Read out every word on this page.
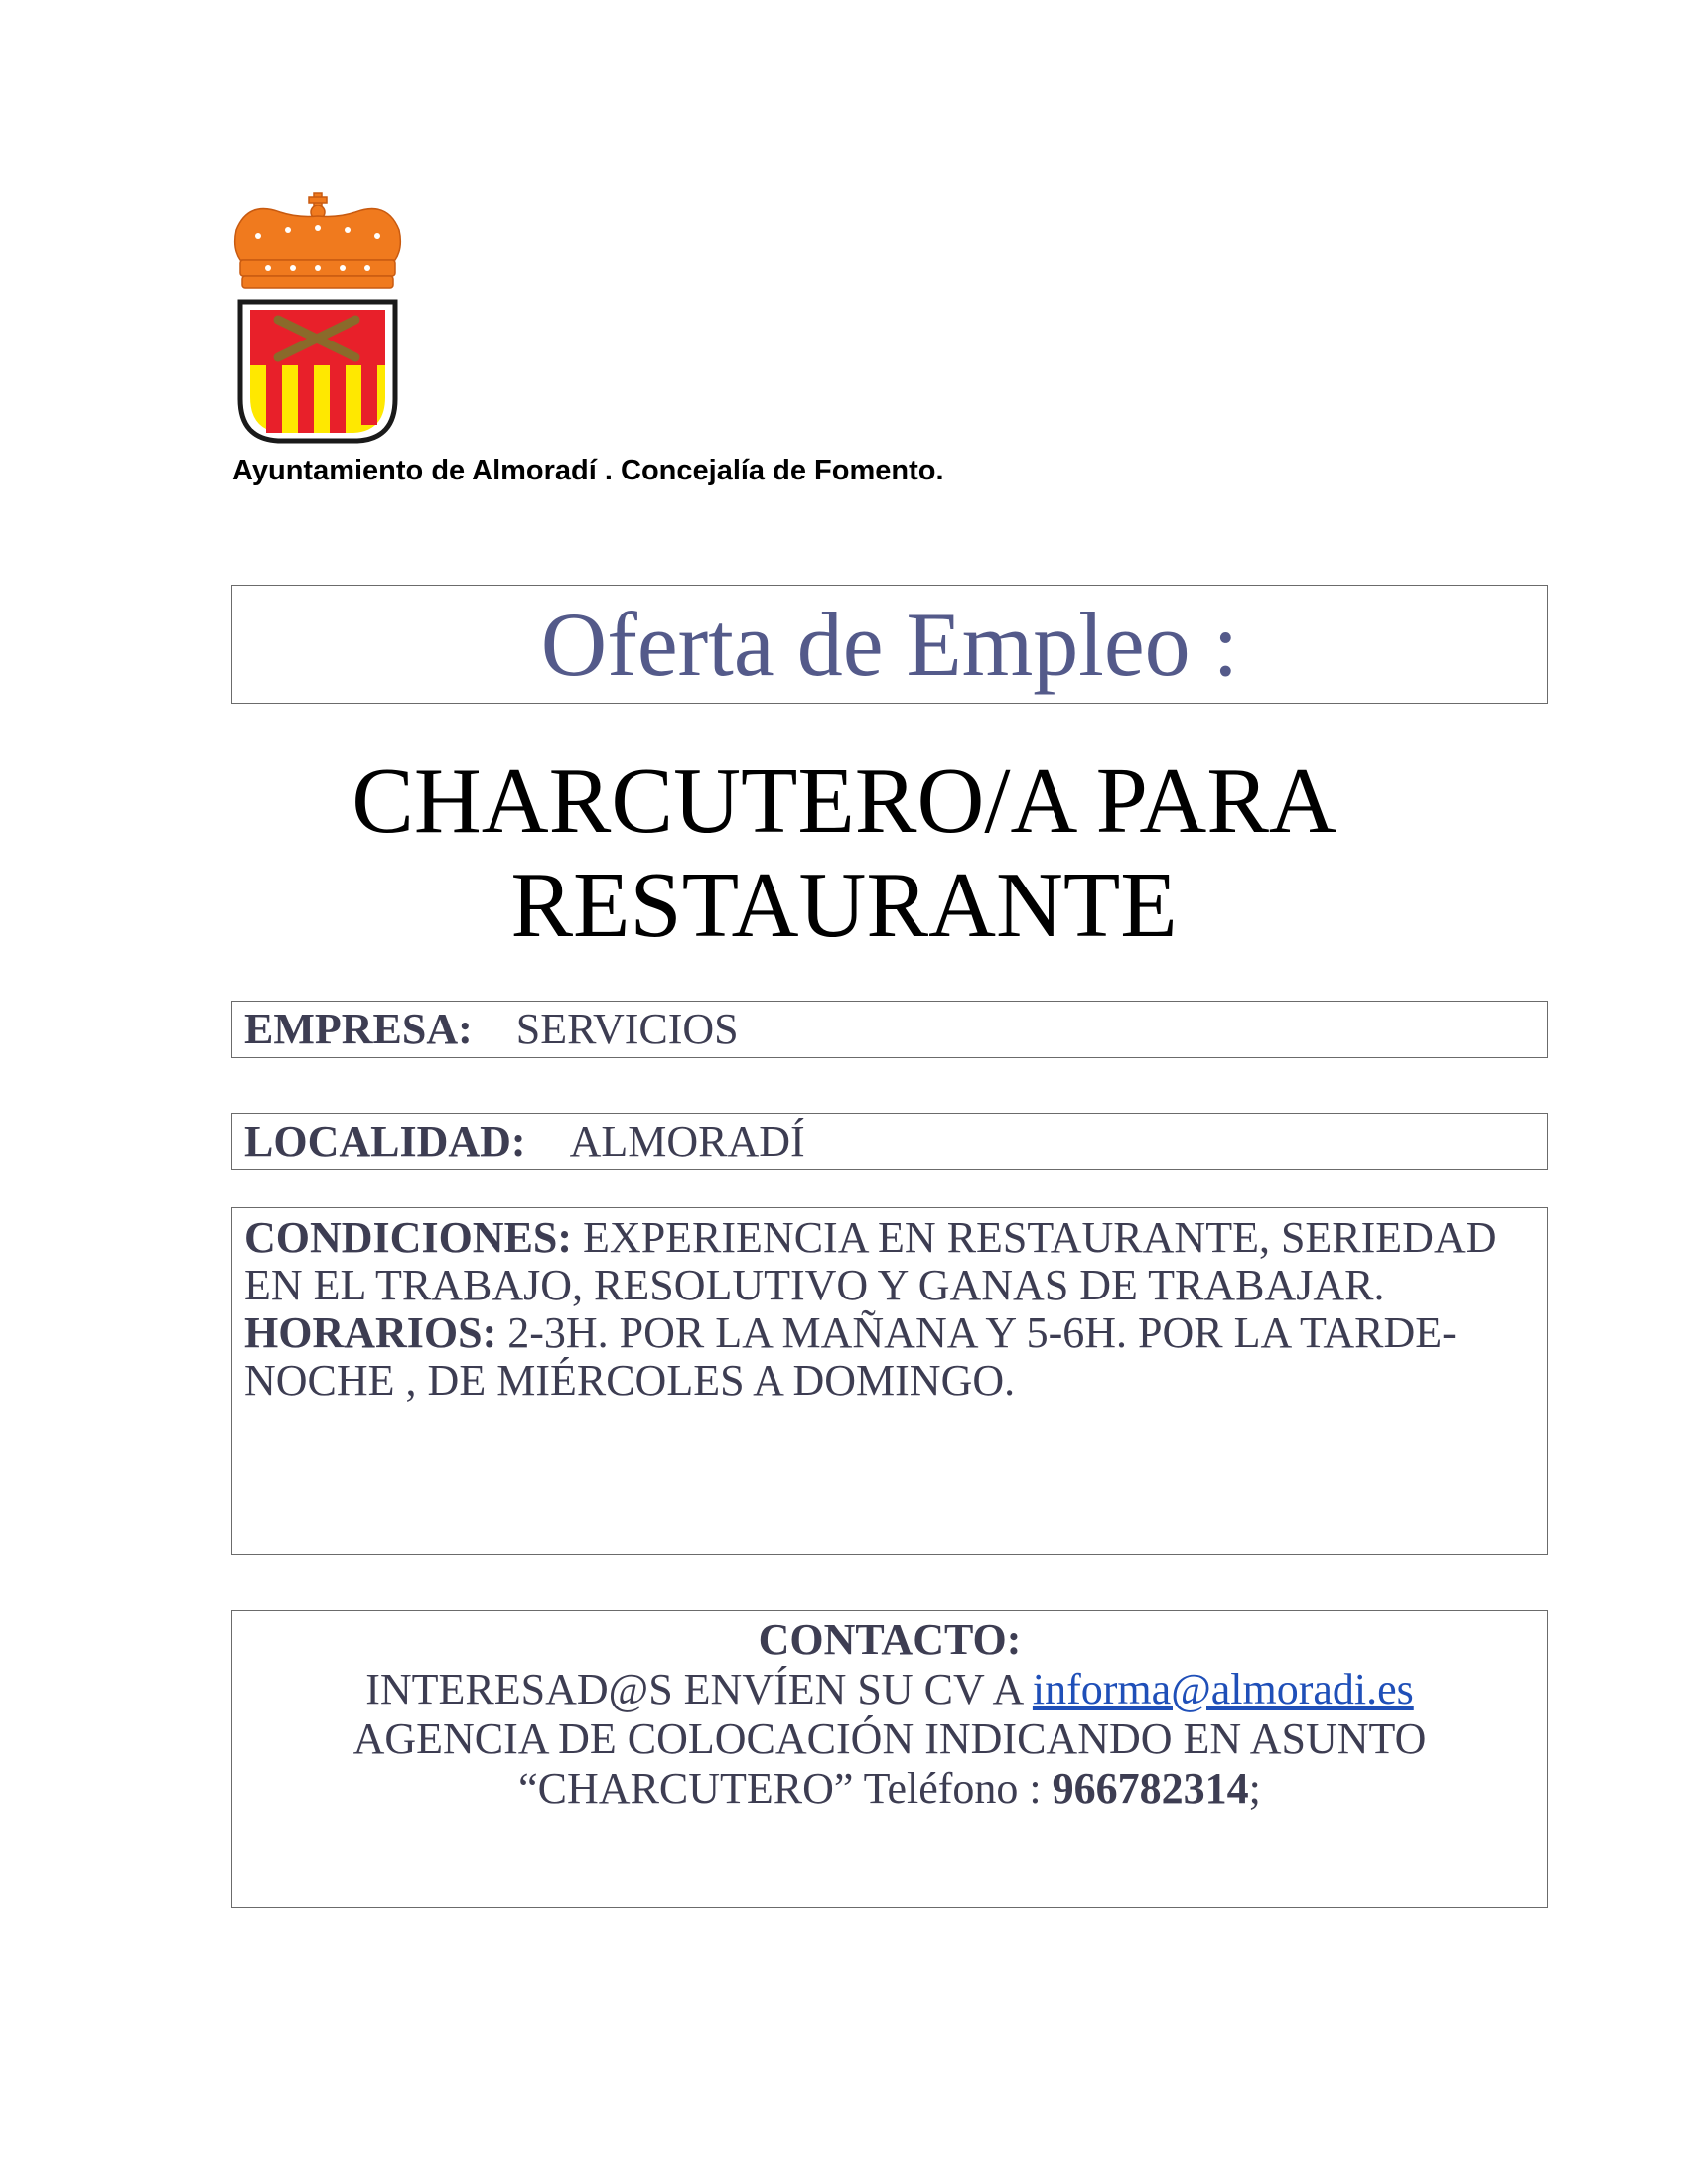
Ayuntamiento de Almoradí . Concejalía de Fomento.
Oferta de Empleo :
CHARCUTERO/A PARA
RESTAURANTE
EMPRESA: SERVICIOS
LOCALIDAD: ALMORADÍ

CONDICIONES: EXPERIENCIA EN RESTAURANTE, SERIEDAD EN EL TRABAJO, RESOLUTIVO Y GANAS DE TRABAJAR.

HORARIOS: 2-3H. POR LA MAÑANA Y 5-6H. POR LA TARDE-NOCHE , DE MIÉRCOLES A DOMINGO.

CONTACTO:
INTERESAD@S ENVÍEN SU CV A informa@almoradi.es
AGENCIA DE COLOCACIÓN INDICANDO EN ASUNTO
“CHARCUTERO” Teléfono : 966782314;
